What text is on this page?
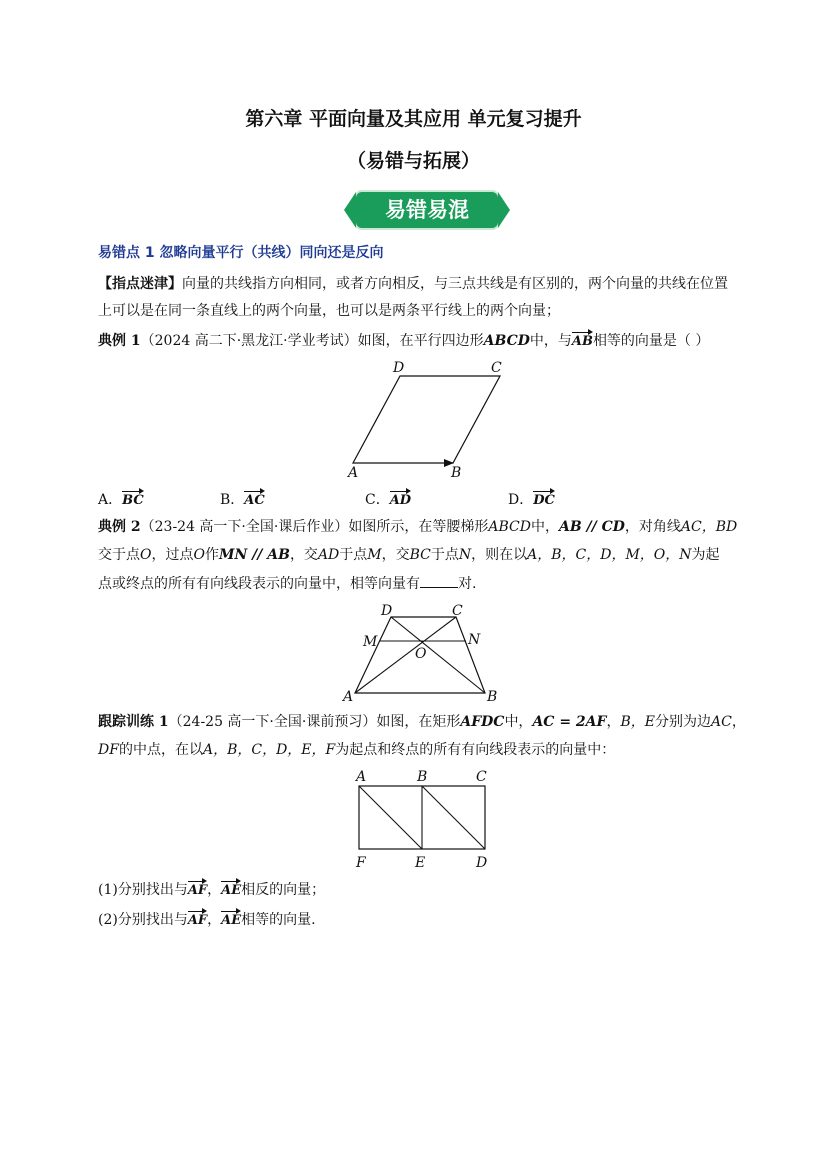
第六章 平面向量及其应用 单元复习提升
（易错与拓展）
易错易混
易错点 1 忽略向量平行（共线）同向还是反向
【指点迷津】向量的共线指方向相同，或者方向相反，与三点共线是有区别的，两个向量的共线在位置
上可以是在同一条直线上的两个向量，也可以是两条平行线上的两个向量；
典例 1（2024 高二下·黑龙江·学业考试）如图，在平行四边形ABCD中，与AB相等的向量是（ ）
A	B
C
D
A．BC	B．AC	C．AD	D．DC
典例 2（23-24 高一下·全国·课后作业）如图所示，在等腰梯形ABCD中，AB // CD，对角线AC，BD
交于点O，过点O作MN // AB，交AD于点M，交BC于点N，则在以A，B，C，D，M，O，N为起
点或终点的所有有向线段表示的向量中，相等向量有	对.
A	B
C
D
M	N
O
跟踪训练 1（24-25 高一下·全国·课前预习）如图，在矩形AFDC中，AC = 2AF，B，E分别为边AC，
DF的中点，在以A，B，C，D，E，F为起点和终点的所有有向线段表示的向量中：
A	B	C
F	E	D
(1)分别找出与AF，AE相反的向量；
(2)分别找出与AF，AE相等的向量.
